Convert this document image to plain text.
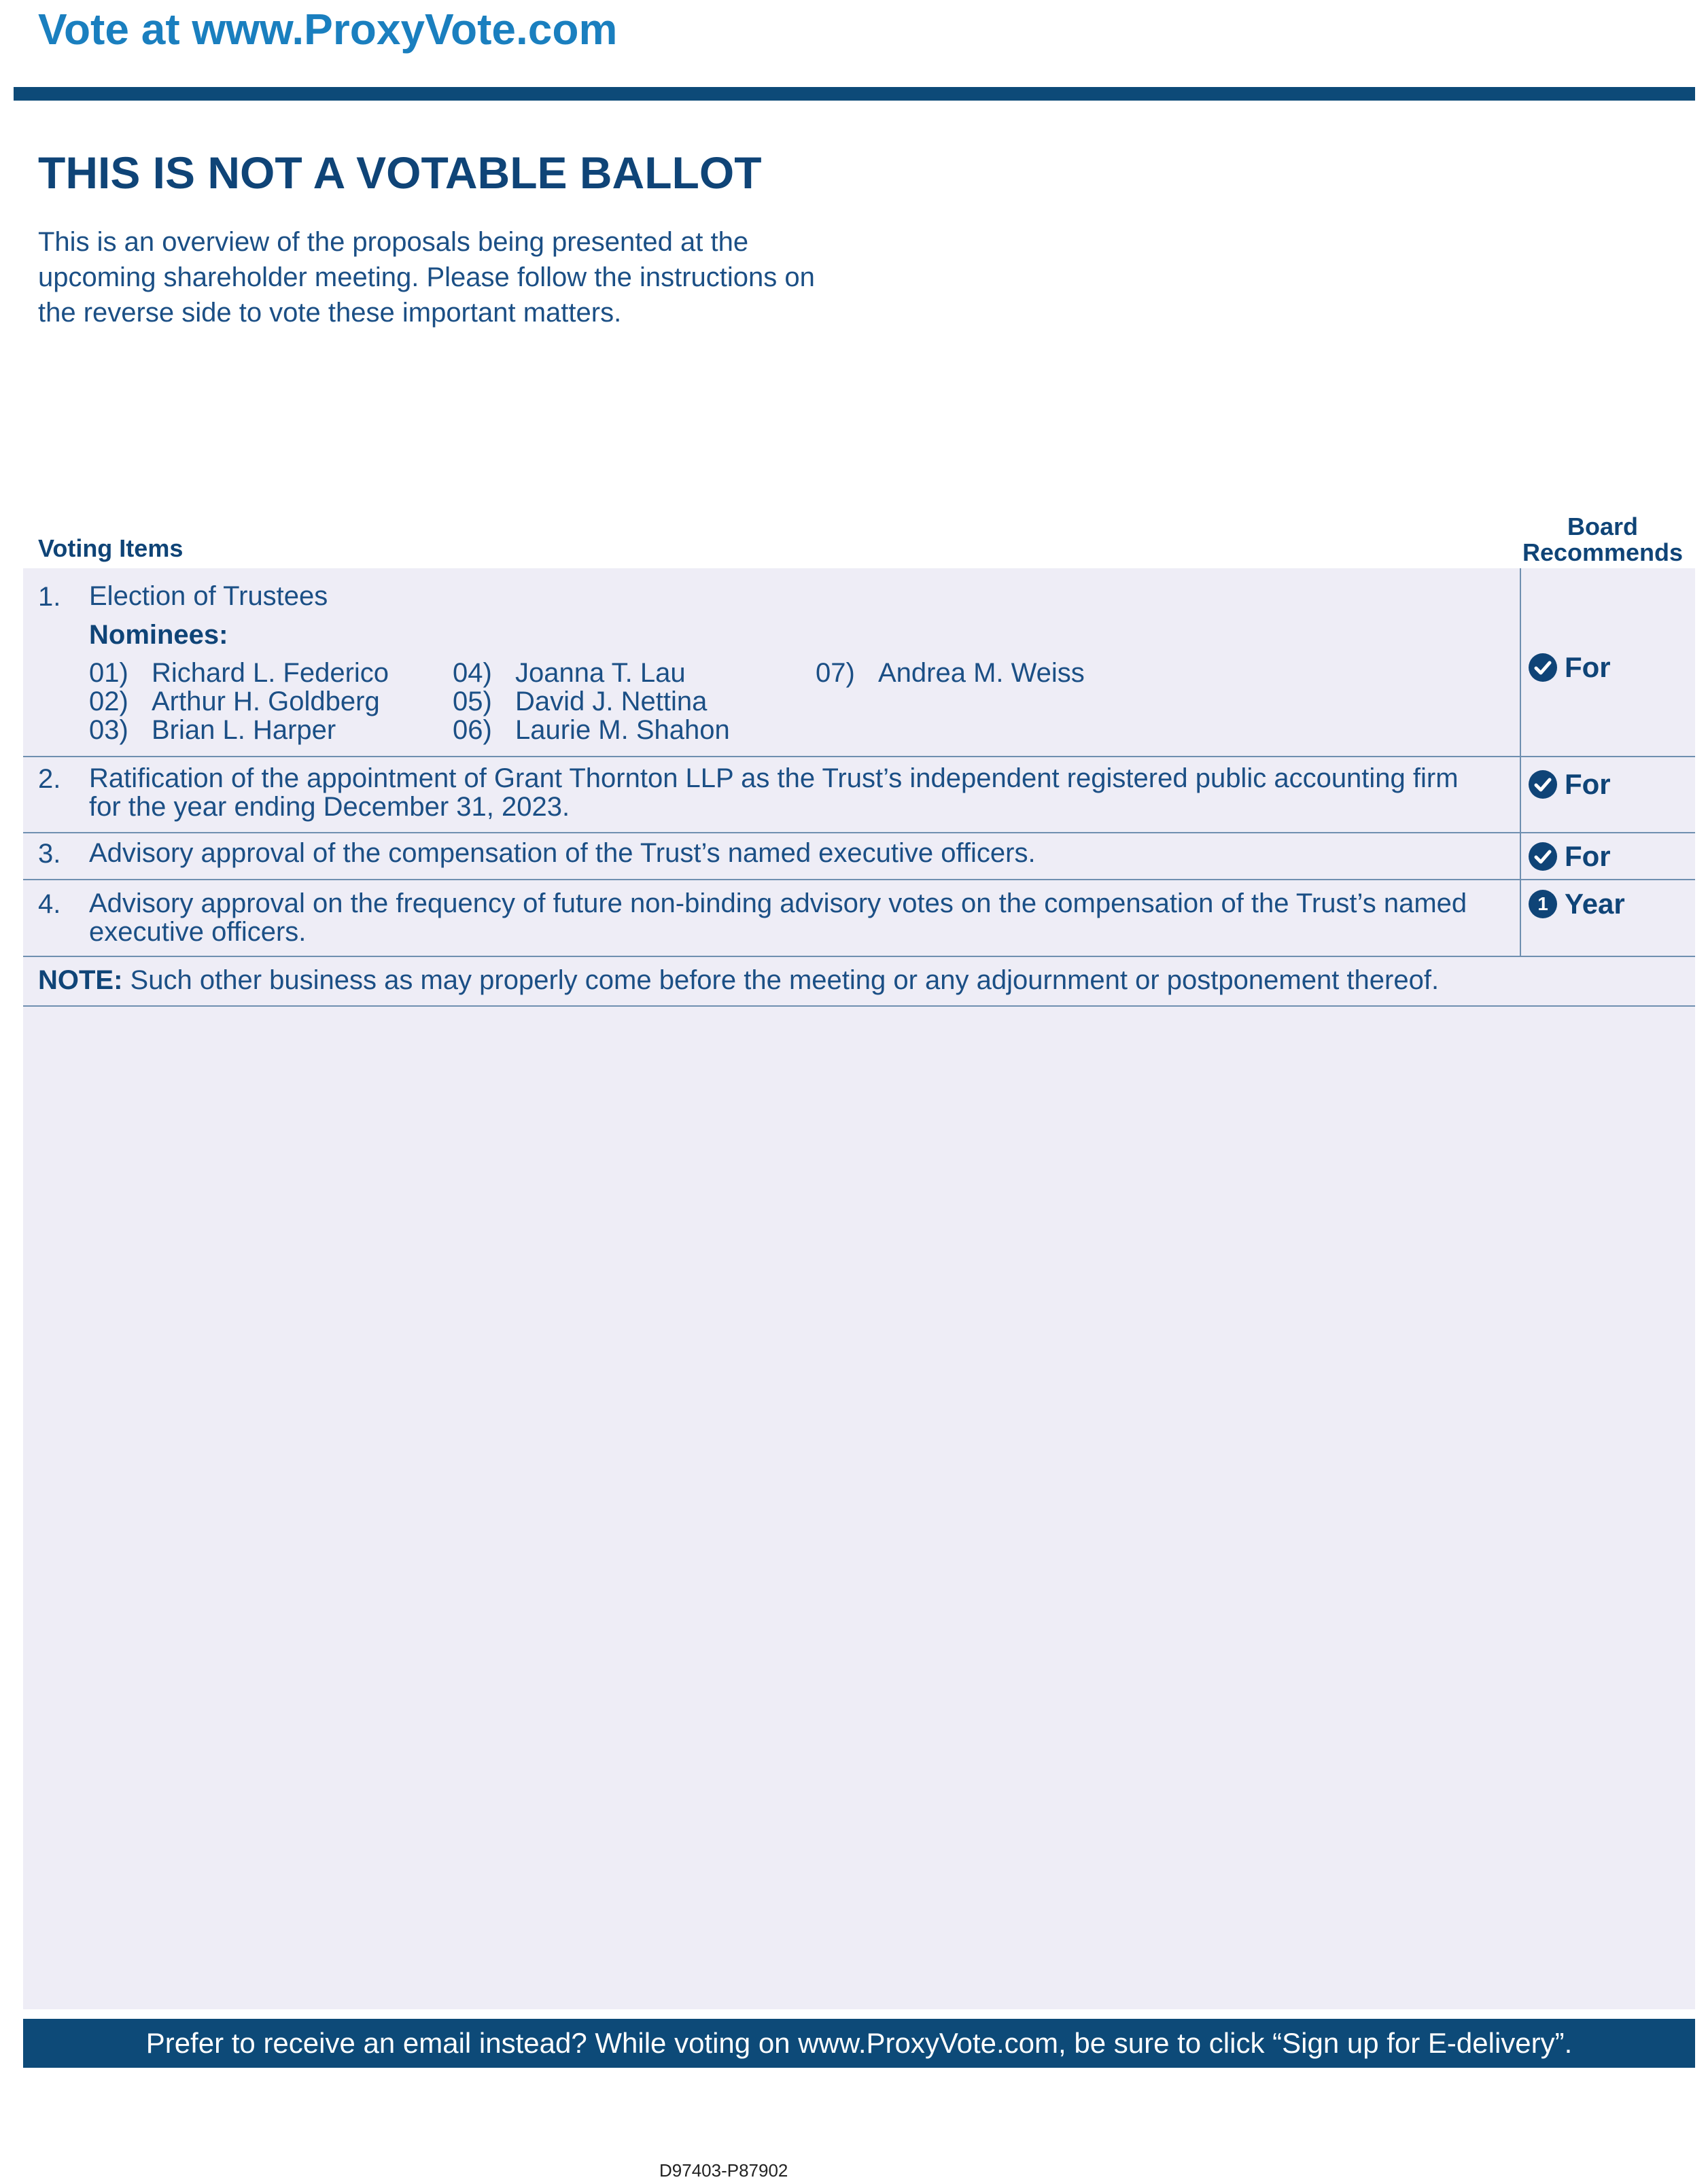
Vote at www.ProxyVote.com
THIS IS NOT A VOTABLE BALLOT
This is an overview of the proposals being presented at the
upcoming shareholder meeting. Please follow the instructions on
the reverse side to vote these important matters.
Voting Items
Board
Recommends
1. Election of Trustees
Nominees:
01) Richard L. Federico
02) Arthur H. Goldberg
03) Brian L. Harper
04) Joanna T. Lau
05) David J. Nettina
06) Laurie M. Shahon
07) Andrea M. Weiss	For
2. Ratification of the appointment of Grant Thornton LLP as the Trust’s independent registered public accounting firm
for the year ending December 31, 2023.
For
3. Advisory approval of the compensation of the Trust’s named executive officers.	For
4. Advisory approval on the frequency of future non-binding advisory votes on the compensation of the Trust’s named
executive officers.
1 Year
NOTE: Such other business as may properly come before the meeting or any adjournment or postponement thereof.
Prefer to receive an email instead? While voting on www.ProxyVote.com, be sure to click “Sign up for E-delivery”.
D97403-P87902
